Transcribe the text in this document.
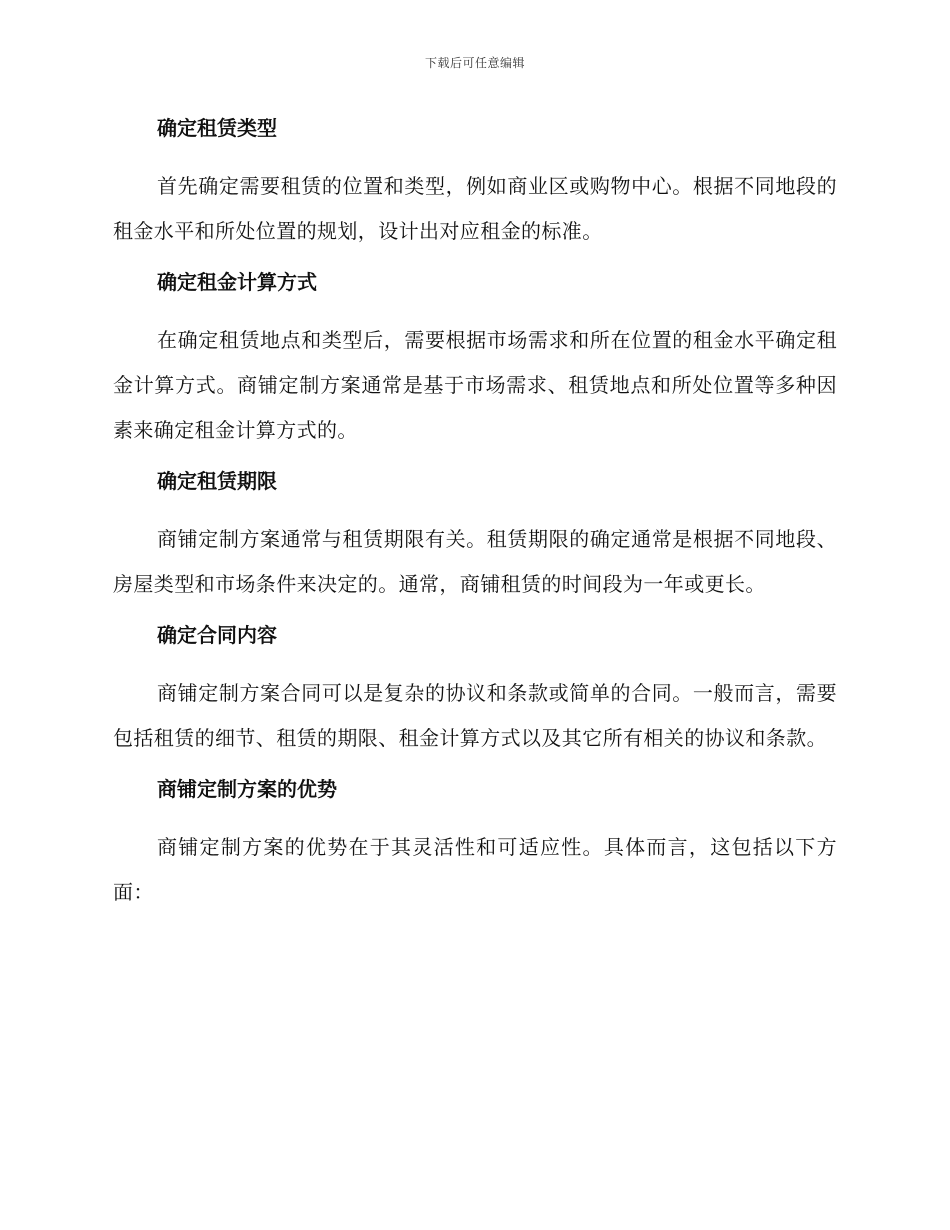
下载后可任意编辑

确定租赁类型

首先确定需要租赁的位置和类型，例如商业区或购物中心。根据不同地段的租金水平和所处位置的规划，设计出对应租金的标准。

确定租金计算方式

在确定租赁地点和类型后，需要根据市场需求和所在位置的租金水平确定租金计算方式。商铺定制方案通常是基于市场需求、租赁地点和所处位置等多种因素来确定租金计算方式的。

确定租赁期限

商铺定制方案通常与租赁期限有关。租赁期限的确定通常是根据不同地段、房屋类型和市场条件来决定的。通常，商铺租赁的时间段为一年或更长。

确定合同内容

商铺定制方案合同可以是复杂的协议和条款或简单的合同。一般而言，需要包括租赁的细节、租赁的期限、租金计算方式以及其它所有相关的协议和条款。

商铺定制方案的优势

商铺定制方案的优势在于其灵活性和可适应性。具体而言，这包括以下方面：
